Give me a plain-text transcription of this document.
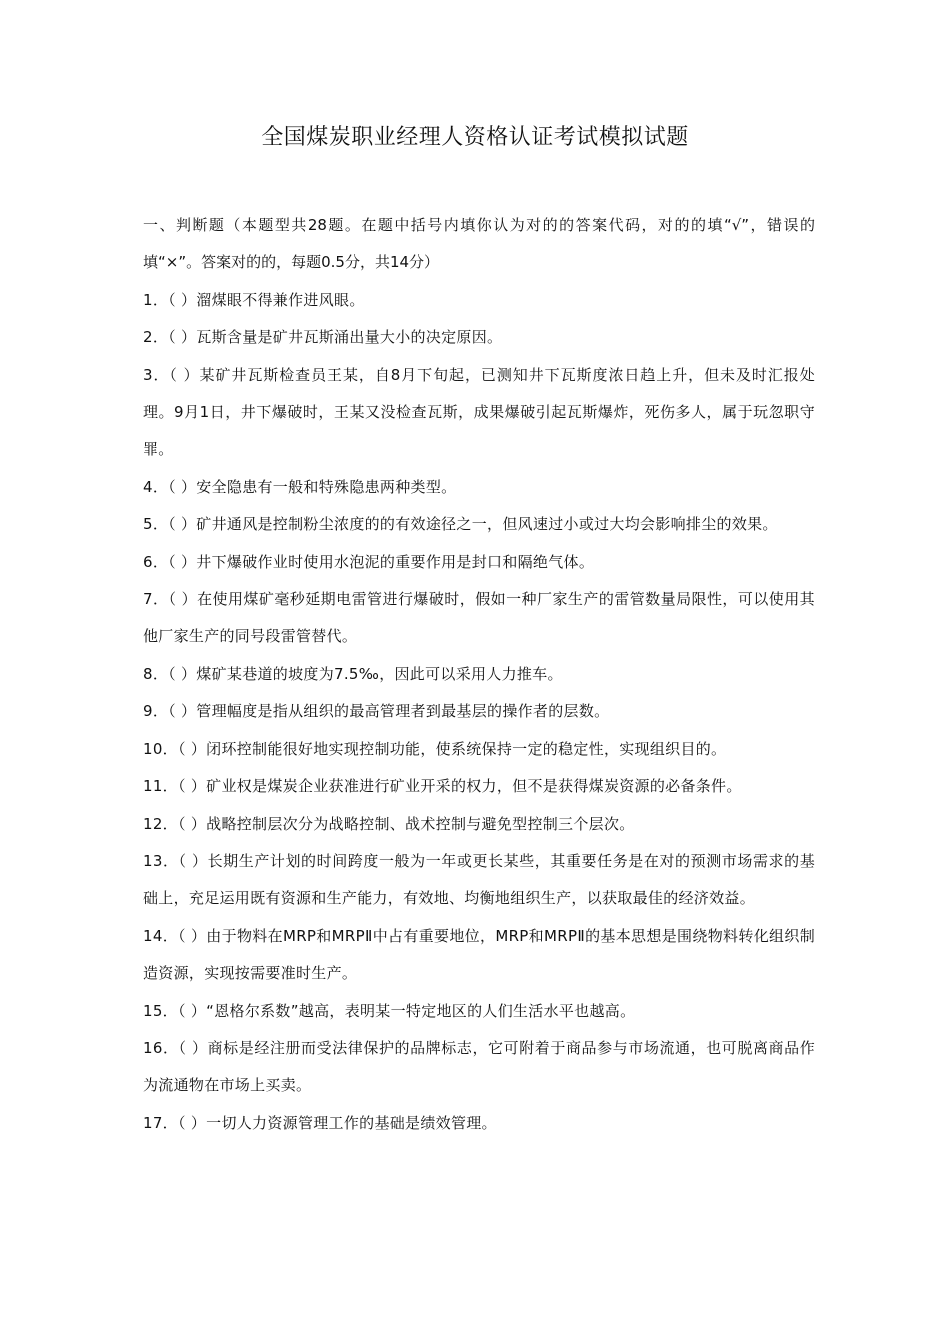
全国煤炭职业经理人资格认证考试模拟试题

一、判断题（本题型共28题。在题中括号内填你认为对的的答案代码，对的的填“√”，错误的填“×”。答案对的的，每题0.5分，共14分）

1．（ ）溜煤眼不得兼作进风眼。

2．（ ）瓦斯含量是矿井瓦斯涌出量大小的决定原因。

3．（ ）某矿井瓦斯检查员王某，自8月下旬起，已测知井下瓦斯度浓日趋上升，但未及时汇报处理。9月1日，井下爆破时，王某又没检查瓦斯，成果爆破引起瓦斯爆炸，死伤多人，属于玩忽职守罪。

4．（ ）安全隐患有一般和特殊隐患两种类型。

5．（ ）矿井通风是控制粉尘浓度的的有效途径之一，但风速过小或过大均会影响排尘的效果。

6．（ ）井下爆破作业时使用水泡泥的重要作用是封口和隔绝气体。

7．（ ）在使用煤矿毫秒延期电雷管进行爆破时，假如一种厂家生产的雷管数量局限性，可以使用其他厂家生产的同号段雷管替代。

8．（ ）煤矿某巷道的坡度为7.5‰，因此可以采用人力推车。

9．（ ）管理幅度是指从组织的最高管理者到最基层的操作者的层数。

10．（ ）闭环控制能很好地实现控制功能，使系统保持一定的稳定性，实现组织目的。

11．（ ）矿业权是煤炭企业获准进行矿业开采的权力，但不是获得煤炭资源的必备条件。

12．（ ）战略控制层次分为战略控制、战术控制与避免型控制三个层次。

13．（ ）长期生产计划的时间跨度一般为一年或更长某些，其重要任务是在对的预测市场需求的基础上，充足运用既有资源和生产能力，有效地、均衡地组织生产，以获取最佳的经济效益。

14．（ ）由于物料在MRP和MRPⅡ中占有重要地位，MRP和MRPⅡ的基本思想是围绕物料转化组织制造资源，实现按需要准时生产。

15．（ ）“恩格尔系数”越高，表明某一特定地区的人们生活水平也越高。

16．（ ）商标是经注册而受法律保护的品牌标志，它可附着于商品参与市场流通，也可脱离商品作为流通物在市场上买卖。

17．（ ）一切人力资源管理工作的基础是绩效管理。
